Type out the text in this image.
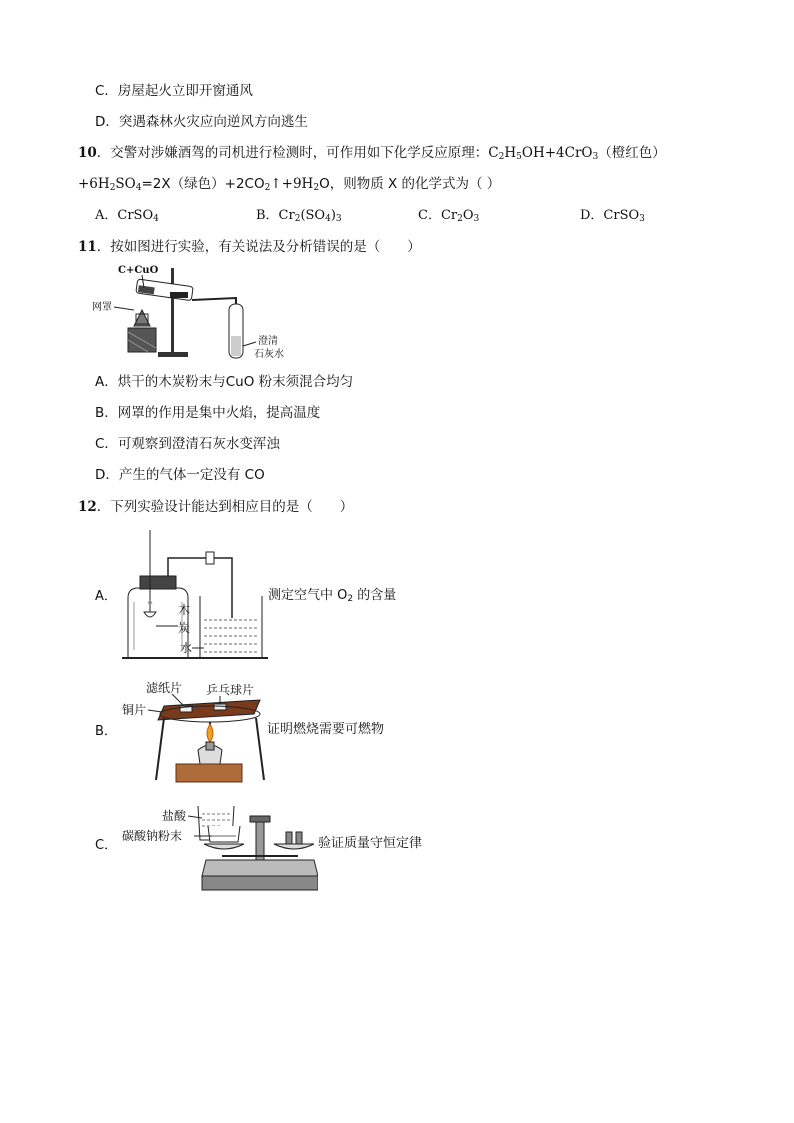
C．房屋起火立即开窗通风
D．突遇森林火灾应向逆风方向逃生
10．交警对涉嫌酒驾的司机进行检测时，可作用如下化学反应原理：$C_2H_5OH+4CrO_3$（橙红色）
$+6H_2SO_4=2X$（绿色）$+2CO_2↑+9H_2O$，则物质 X 的化学式为（ ）
A．CrSO$_4$	B．$Cr_2(SO_4)_3$	C．$Cr_2O_3$	D．CrSO$_3$
11．按如图进行实验，有关说法及分析错误的是（　　）
C+CuO
网罩
澄清
石灰水
A．烘干的木炭粉末与CuO 粉末须混合均匀
B．网罩的作用是集中火焰，提高温度
C．可观察到澄清石灰水变浑浊
D．产生的气体一定没有 CO
12．下列实验设计能达到相应目的是（　　）
A．
木
炭
水
测定空气中 $O_2$ 的含量
B．
滤纸片 乒乓球片
铜片
证明燃烧需要可燃物
C．
盐酸
碳酸钠粉末	验证质量守恒定律
